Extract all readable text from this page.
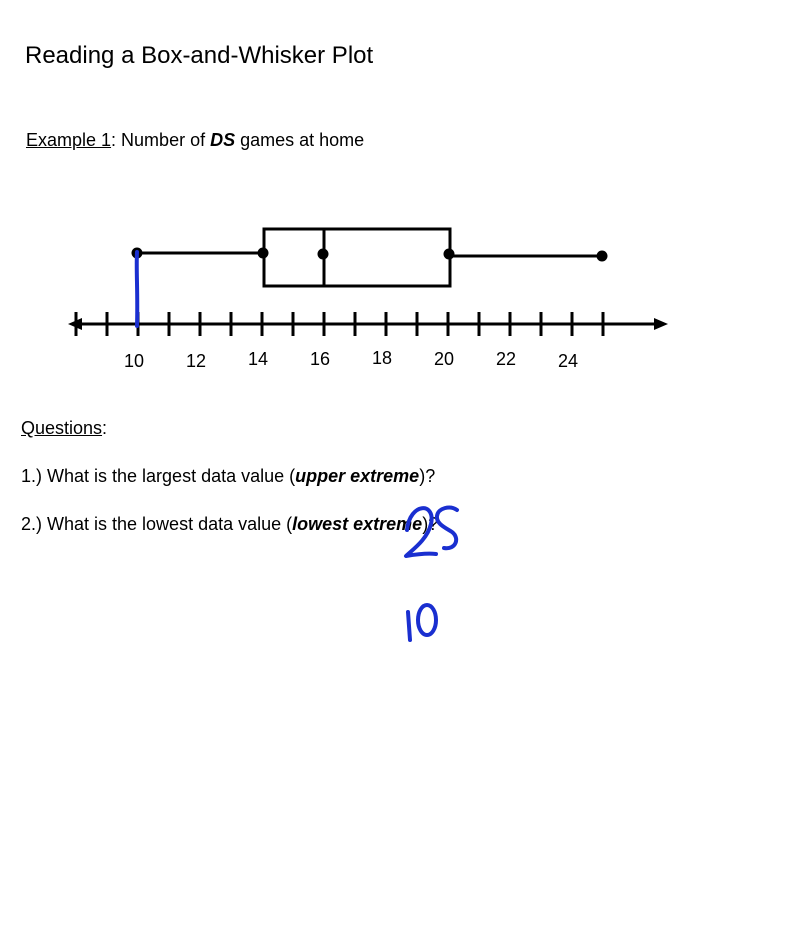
Reading a Box-and-Whisker Plot
Example 1: Number of DS games at home
10 12 14 16 18 20 22 24
Questions:
1.) What is the largest data value (upper extreme)?
2.) What is the lowest data value (lowest extreme)?
